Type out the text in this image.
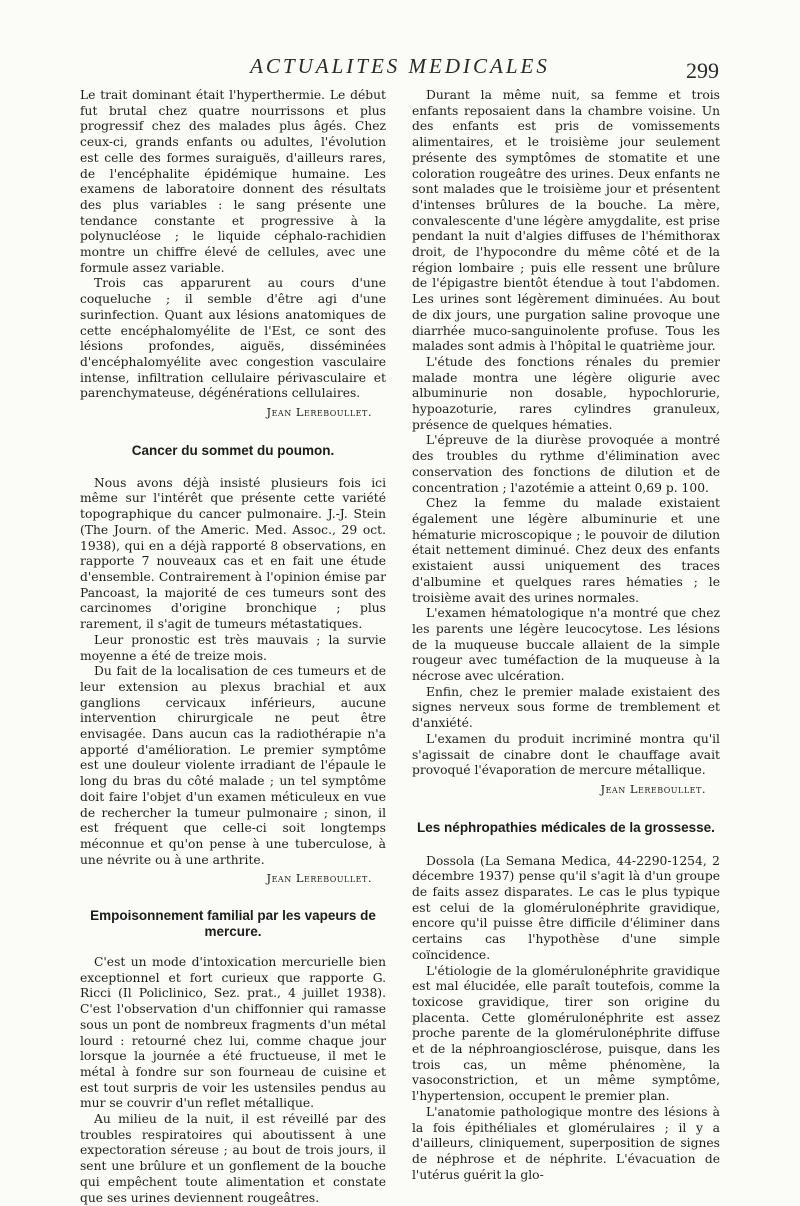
ACTUALITES MEDICALES	299

Le trait dominant était l'hyperthermie. Le début fut brutal chez quatre nourrissons et plus progressif chez des malades plus âgés. Chez ceux-ci, grands enfants ou adultes, l'évolution est celle des formes suraiguës, d'ailleurs rares, de l'encéphalite épidémique humaine. Les examens de laboratoire donnent des résultats des plus variables : le sang présente une tendance constante et progressive à la polynucléose ; le liquide céphalo-rachidien montre un chiffre élevé de cellules, avec une formule assez variable.

Trois cas apparurent au cours d'une coqueluche ; il semble d'être agi d'une surinfection. Quant aux lésions anatomiques de cette encéphalomyélite de l'Est, ce sont des lésions profondes, aiguës, disséminées d'encéphalomyélite avec congestion vasculaire intense, infiltration cellulaire périvasculaire et parenchymateuse, dégénérations cellulaires.

Jean Lereboullet.
Cancer du sommet du poumon.

Nous avons déjà insisté plusieurs fois ici même sur l'intérêt que présente cette variété topographique du cancer pulmonaire. J.-J. Stein (The Journ. of the Americ. Med. Assoc., 29 oct. 1938), qui en a déjà rapporté 8 observations, en rapporte 7 nouveaux cas et en fait une étude d'ensemble. Contrairement à l'opinion émise par Pancoast, la majorité de ces tumeurs sont des carcinomes d'origine bronchique ; plus rarement, il s'agit de tumeurs métastatiques.

Leur pronostic est très mauvais ; la survie moyenne a été de treize mois.

Du fait de la localisation de ces tumeurs et de leur extension au plexus brachial et aux ganglions cervicaux inférieurs, aucune intervention chirurgicale ne peut être envisagée. Dans aucun cas la radiothérapie n'a apporté d'amélioration. Le premier symptôme est une douleur violente irradiant de l'épaule le long du bras du côté malade ; un tel symptôme doit faire l'objet d'un examen méticuleux en vue de rechercher la tumeur pulmonaire ; sinon, il est fréquent que celle-ci soit longtemps méconnue et qu'on pense à une tuberculose, à une névrite ou à une arthrite.

Jean Lereboullet.
Empoisonnement familial par les vapeurs de mercure.

C'est un mode d'intoxication mercurielle bien exceptionnel et fort curieux que rapporte G. Ricci (Il Policlinico, Sez. prat., 4 juillet 1938). C'est l'observation d'un chiffonnier qui ramasse sous un pont de nombreux fragments d'un métal lourd : retourné chez lui, comme chaque jour lorsque la journée a été fructueuse, il met le métal à fondre sur son fourneau de cuisine et est tout surpris de voir les ustensiles pendus au mur se couvrir d'un reflet métallique.

Au milieu de la nuit, il est réveillé par des troubles respiratoires qui aboutissent à une expectoration séreuse ; au bout de trois jours, il sent une brûlure et un gonflement de la bouche qui empêchent toute alimentation et constate que ses urines deviennent rougeâtres.

Durant la même nuit, sa femme et trois enfants reposaient dans la chambre voisine. Un des enfants est pris de vomissements alimentaires, et le troisième jour seulement présente des symptômes de stomatite et une coloration rougeâtre des urines. Deux enfants ne sont malades que le troisième jour et présentent d'intenses brûlures de la bouche. La mère, convalescente d'une légère amygdalite, est prise pendant la nuit d'algies diffuses de l'hémithorax droit, de l'hypocondre du même côté et de la région lombaire ; puis elle ressent une brûlure de l'épigastre bientôt étendue à tout l'abdomen. Les urines sont légèrement diminuées. Au bout de dix jours, une purgation saline provoque une diarrhée muco-sanguinolente profuse. Tous les malades sont admis à l'hôpital le quatrième jour.

L'étude des fonctions rénales du premier malade montra une légère oligurie avec albuminurie non dosable, hypochlorurie, hypoazoturie, rares cylindres granuleux, présence de quelques hématies.

L'épreuve de la diurèse provoquée a montré des troubles du rythme d'élimination avec conservation des fonctions de dilution et de concentration ; l'azotémie a atteint 0,69 p. 100.

Chez la femme du malade existaient également une légère albuminurie et une hématurie microscopique ; le pouvoir de dilution était nettement diminué. Chez deux des enfants existaient aussi uniquement des traces d'albumine et quelques rares hématies ; le troisième avait des urines normales.

L'examen hématologique n'a montré que chez les parents une légère leucocytose. Les lésions de la muqueuse buccale allaient de la simple rougeur avec tuméfaction de la muqueuse à la nécrose avec ulcération.

Enfin, chez le premier malade existaient des signes nerveux sous forme de tremblement et d'anxiété.

L'examen du produit incriminé montra qu'il s'agissait de cinabre dont le chauffage avait provoqué l'évaporation de mercure métallique.

Jean Lereboullet.
Les néphropathies médicales de la grossesse.

Dossola (La Semana Medica, 44-2290-1254, 2 décembre 1937) pense qu'il s'agit là d'un groupe de faits assez disparates. Le cas le plus typique est celui de la glomérulonéphrite gravidique, encore qu'il puisse être difficile d'éliminer dans certains cas l'hypothèse d'une simple coïncidence.

L'étiologie de la glomérulonéphrite gravidique est mal élucidée, elle paraît toutefois, comme la toxicose gravidique, tirer son origine du placenta. Cette glomérulonéphrite est assez proche parente de la glomérulonéphrite diffuse et de la néphroangiosclérose, puisque, dans les trois cas, un même phénomène, la vasoconstriction, et un même symptôme, l'hypertension, occupent le premier plan.

L'anatomie pathologique montre des lésions à la fois épithéliales et glomérulaires ; il y a d'ailleurs, cliniquement, superposition de signes de néphrose et de néphrite. L'évacuation de l'utérus guérit la glo-
